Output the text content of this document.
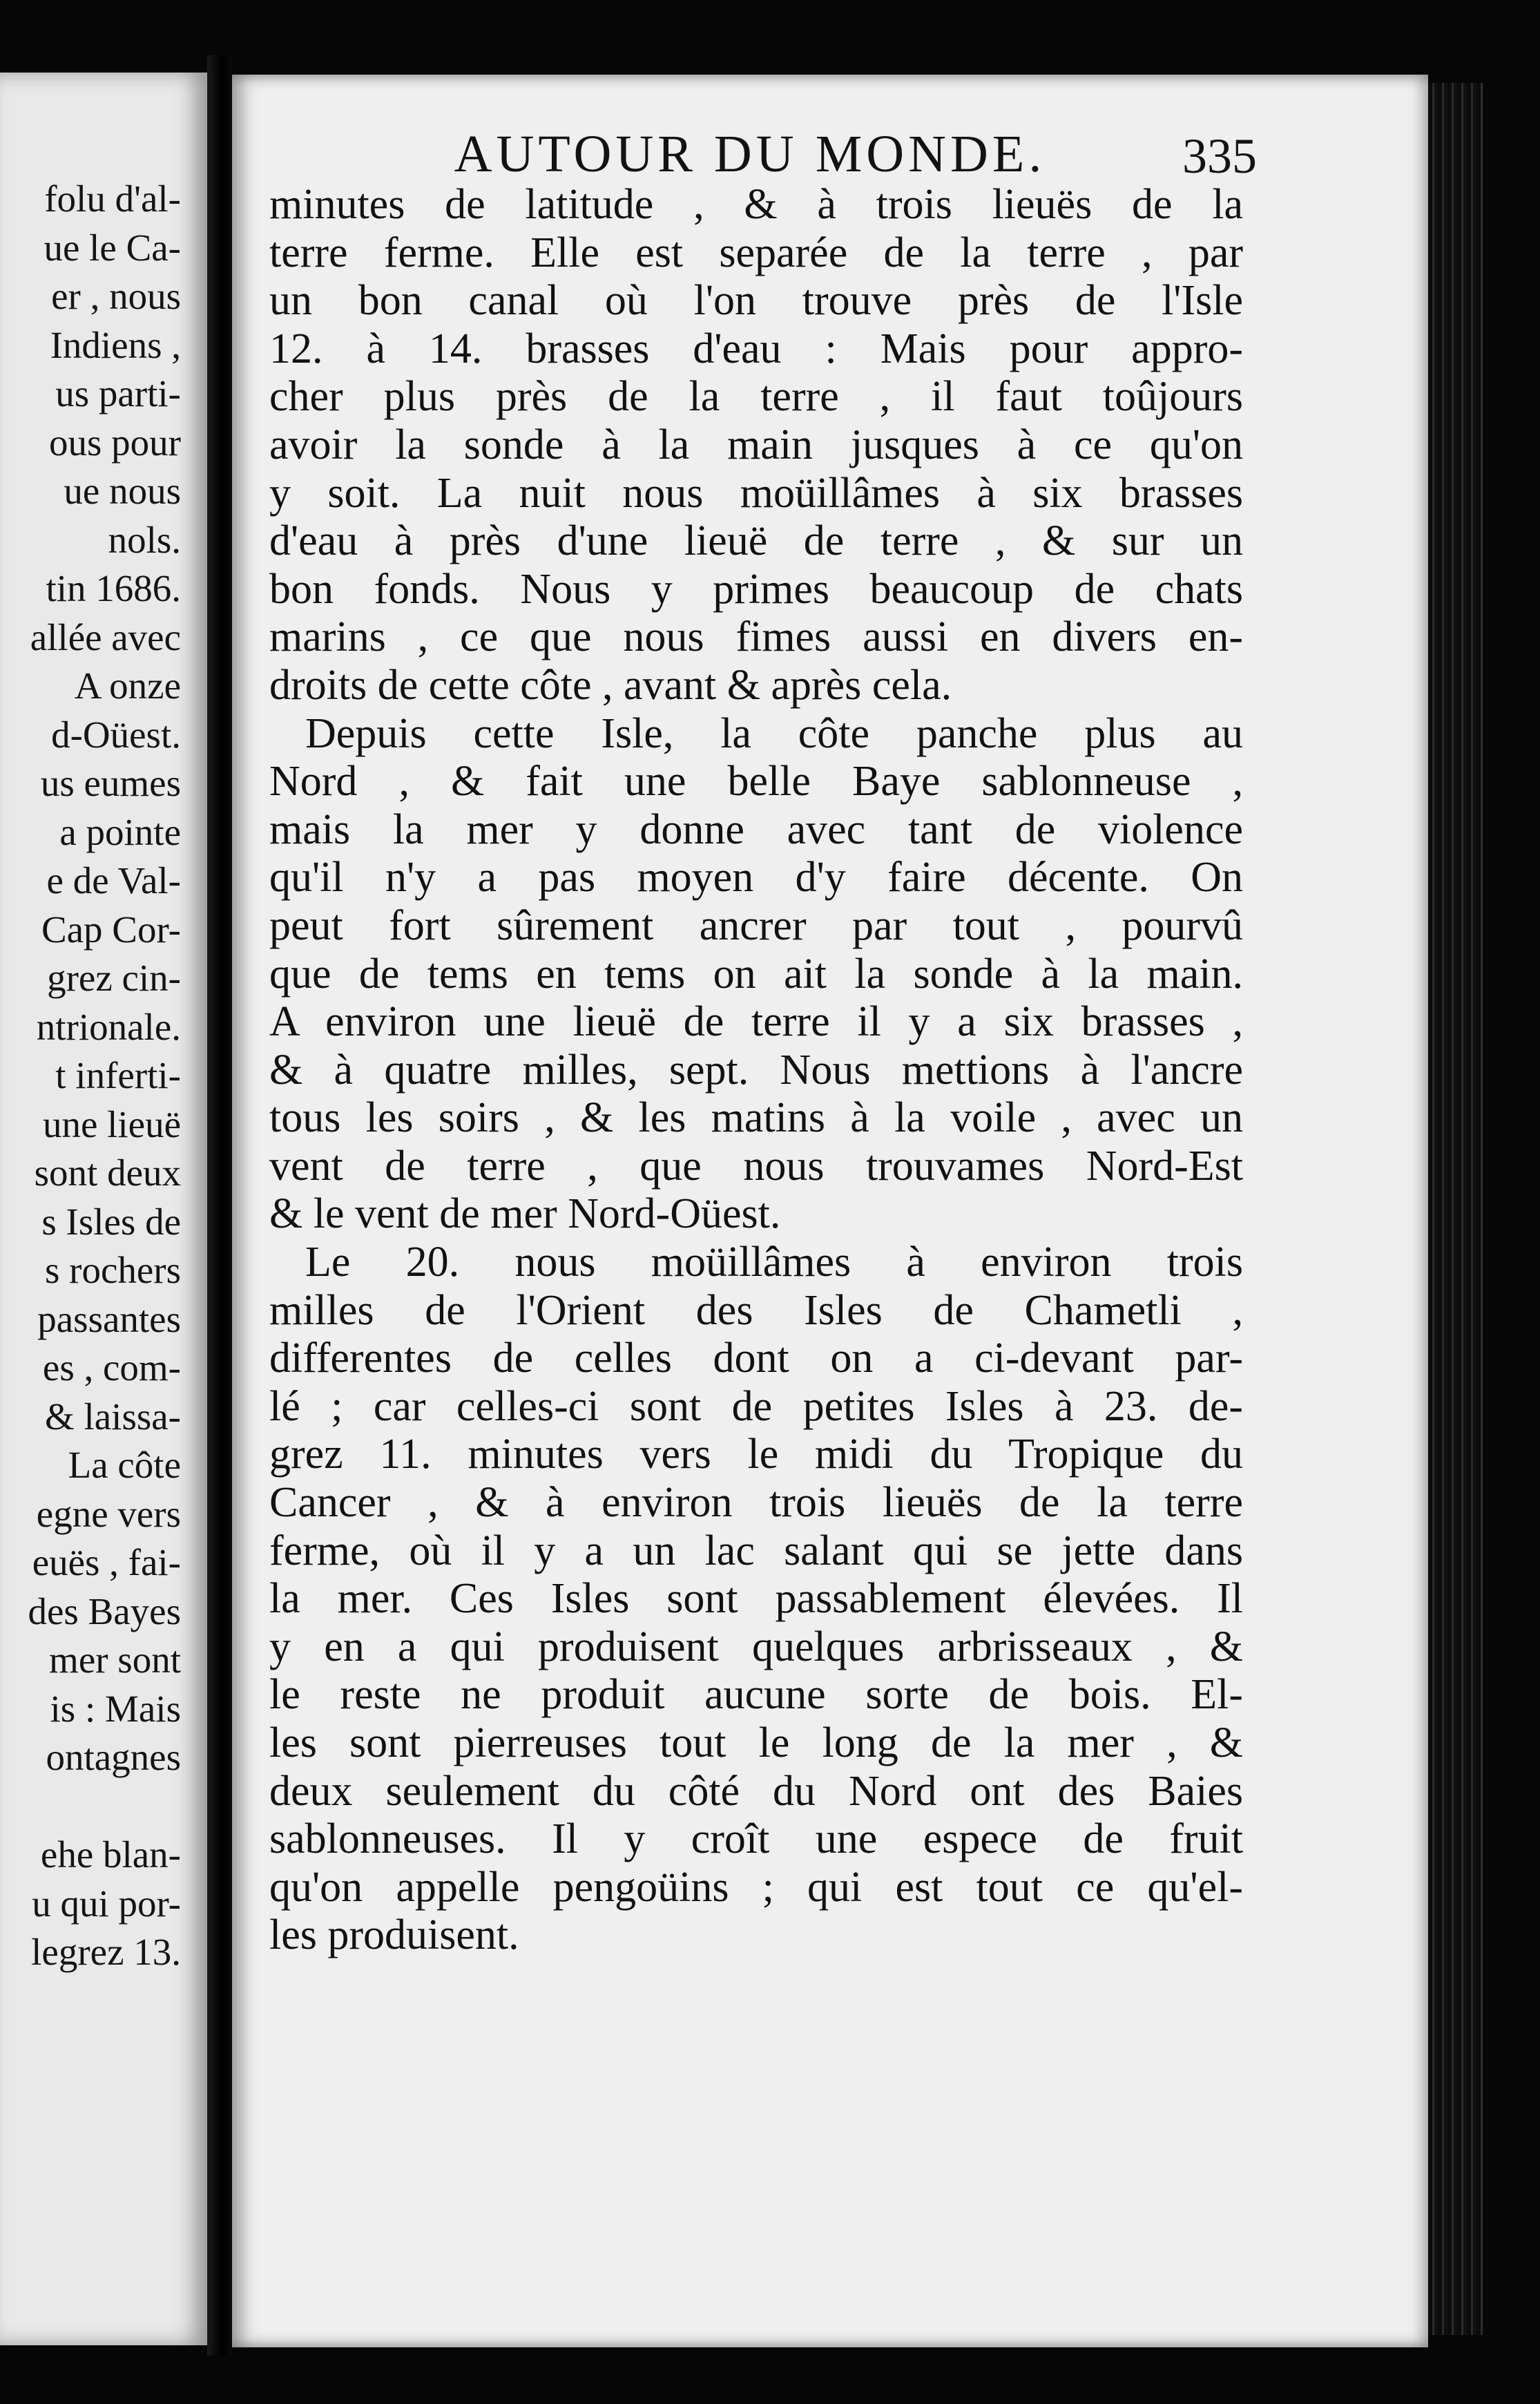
folu d'al-
ue le Ca-
er , nous
Indiens ,
us parti-
ous pour
ue nous
nols.
tin 1686.
allée avec
A onze
d-Oüest.
us eumes
a pointe
e de Val-
Cap Cor-
grez cin-
ntrionale.
t inferti-
une lieuë
sont deux
s Isles de
s rochers
passantes
es , com-
& laissa-
La côte
egne vers
euës , fai-
des Bayes
mer sont
is : Mais
ontagnes
ehe blan-
u qui por-
legrez 13.
AUTOUR DU MONDE.	335
minutes de latitude , & à trois lieuës de la
terre ferme. Elle est separée de la terre , par
un bon canal où l'on trouve près de l'Isle
12. à 14. brasses d'eau : Mais pour appro-
cher plus près de la terre , il faut toûjours
avoir la sonde à la main jusques à ce qu'on
y soit. La nuit nous moüillâmes à six brasses
d'eau à près d'une lieuë de terre , & sur un
bon fonds. Nous y primes beaucoup de chats
marins , ce que nous fimes aussi en divers en-
droits de cette côte , avant & après cela.
Depuis cette Isle, la côte panche plus au
Nord , & fait une belle Baye sablonneuse ,
mais la mer y donne avec tant de violence
qu'il n'y a pas moyen d'y faire décente. On
peut fort sûrement ancrer par tout , pourvû
que de tems en tems on ait la sonde à la main.
A environ une lieuë de terre il y a six brasses ,
& à quatre milles, sept. Nous mettions à l'ancre
tous les soirs , & les matins à la voile , avec un
vent de terre , que nous trouvames Nord-Est
& le vent de mer Nord-Oüest.
Le 20. nous moüillâmes à environ trois
milles de l'Orient des Isles de Chametli ,
differentes de celles dont on a ci-devant par-
lé ; car celles-ci sont de petites Isles à 23. de-
grez 11. minutes vers le midi du Tropique du
Cancer , & à environ trois lieuës de la terre
ferme, où il y a un lac salant qui se jette dans
la mer. Ces Isles sont passablement élevées. Il
y en a qui produisent quelques arbrisseaux , &
le reste ne produit aucune sorte de bois. El-
les sont pierreuses tout le long de la mer , &
deux seulement du côté du Nord ont des Baies
sablonneuses. Il y croît une espece de fruit
qu'on appelle pengoüins ; qui est tout ce qu'el-
les produisent.
